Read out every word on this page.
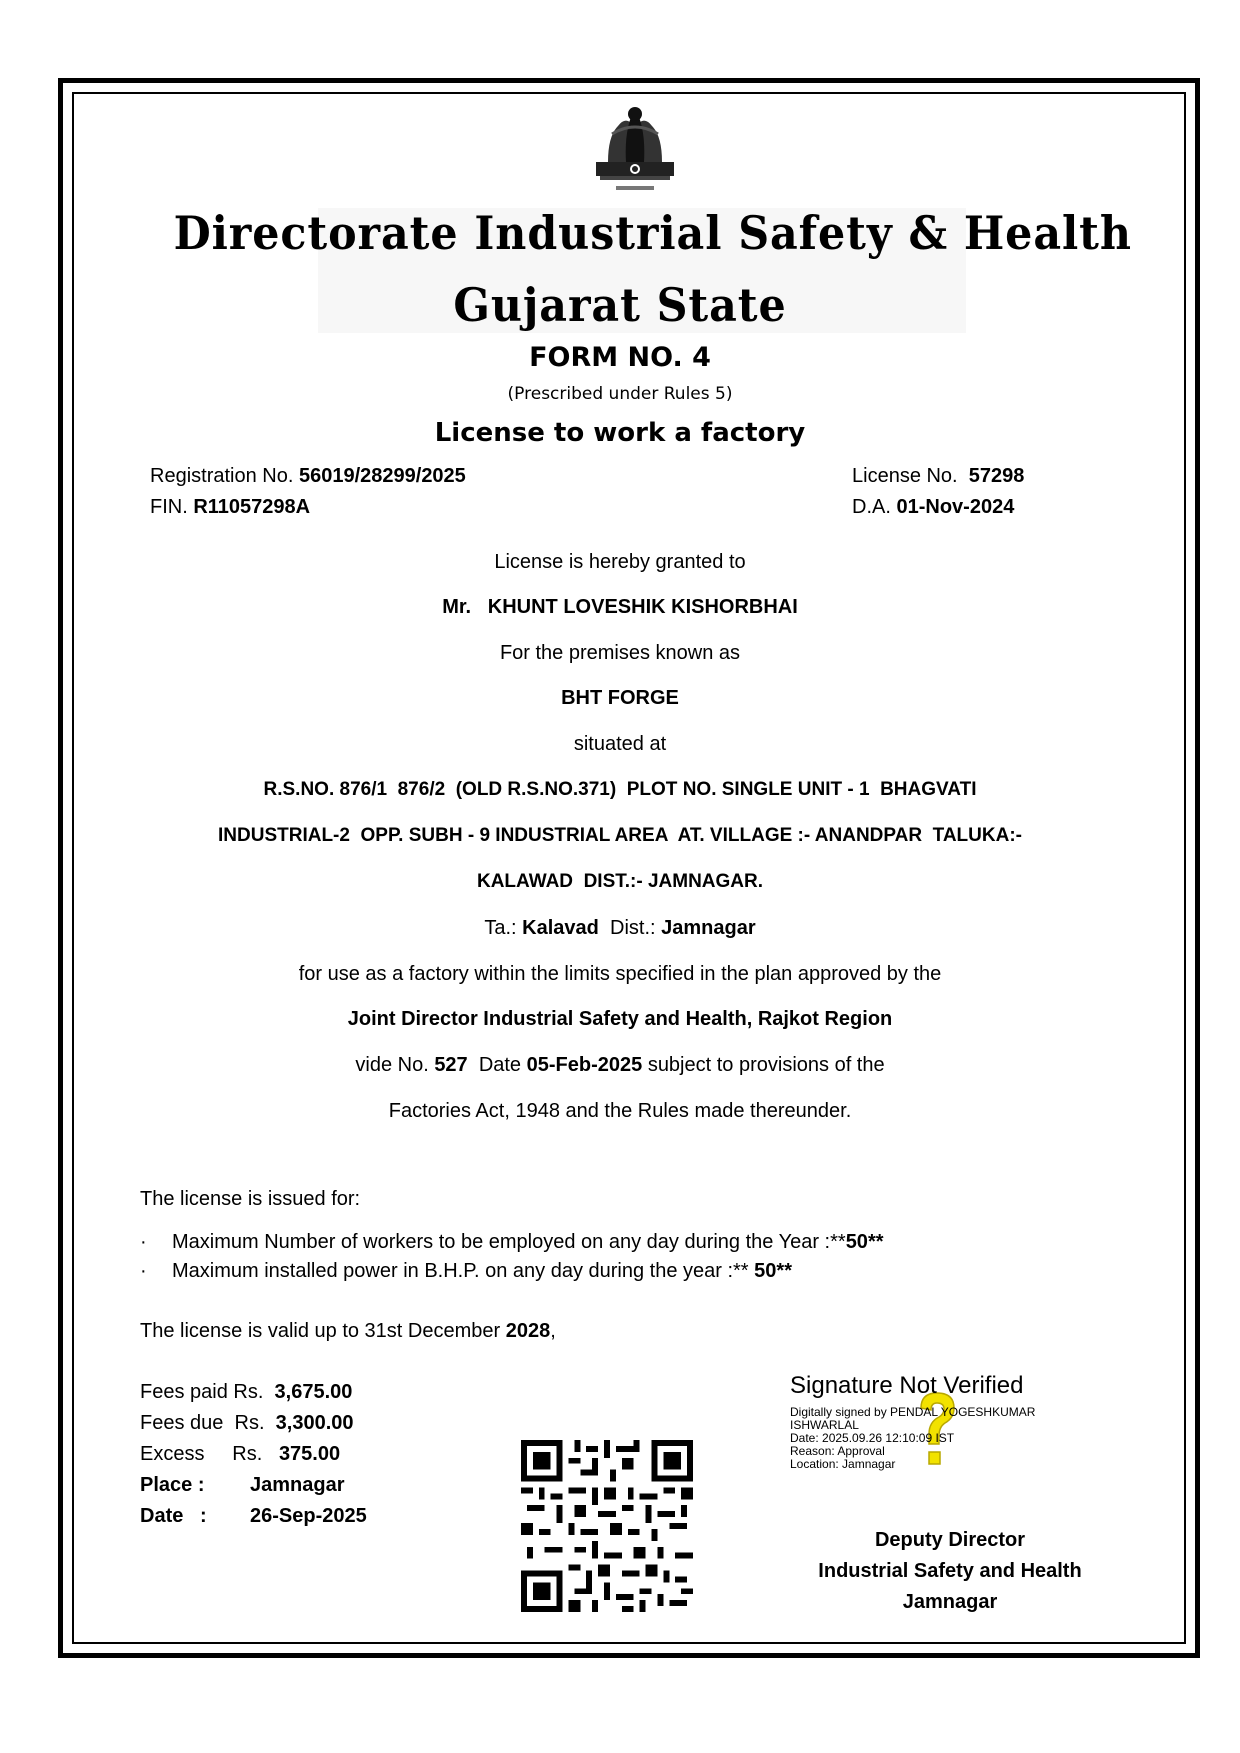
Directorate Industrial Safety & Health
Gujarat State
FORM NO. 4
(Prescribed under Rules 5)
License to work a factory
Registration No. 56019/28299/2025
FIN. R11057298A
License No. 57298
D.A. 01-Nov-2024
License is hereby granted to
Mr. KHUNT LOVESHIK KISHORBHAI
For the premises known as
BHT FORGE
situated at
R.S.NO. 876/1  876/2  (OLD R.S.NO.371)  PLOT NO. SINGLE UNIT - 1  BHAGVATI
INDUSTRIAL-2  OPP. SUBH - 9 INDUSTRIAL AREA  AT. VILLAGE :- ANANDPAR  TALUKA:-
KALAWAD  DIST.:- JAMNAGAR.
Ta.: Kalavad Dist.: Jamnagar
for use as a factory within the limits specified in the plan approved by the
Joint Director Industrial Safety and Health, Rajkot Region
vide No. 527 Date 05-Feb-2025 subject to provisions of the
Factories Act, 1948 and the Rules made thereunder.
The license is issued for:
· Maximum Number of workers to be employed on any day during the Year :**50**
· Maximum installed power in B.H.P. on any day during the year :** 50**
The license is valid up to 31st December 2028,
Fees paid Rs. 3,675.00
Fees due  Rs. 3,300.00
Excess Rs. 375.00
Place : Jamnagar
Date   : 26-Sep-2025
Signature Not Verified
Digitally signed by PENDAL YOGESHKUMAR
ISHWARLAL
Date: 2025.09.26 12:10:09 IST
Reason: Approval
Location: Jamnagar
Deputy Director
Industrial Safety and Health
Jamnagar
